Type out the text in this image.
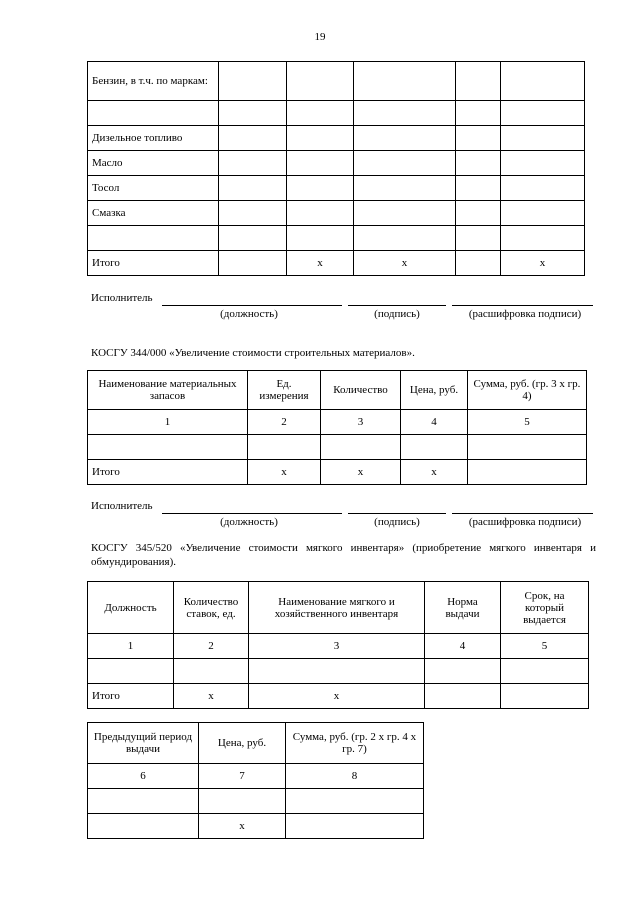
19
Бензин, в т.ч. по маркам:						

Дизельное топливо						
Масло						
Тосол						
Смазка						

Итого		х	х		х	
Исполнитель
(должность)	(подпись)	(расшифровка подписи)
КОСГУ 344/000 «Увеличение стоимости строительных материалов».
Наименование материальных запасов	Ед. измерения	Количество	Цена, руб.	Сумма, руб. (гр. 3 х гр. 4)
1	2	3	4	5

Итого	х	х	х	
Исполнитель
(должность)	(подпись)	(расшифровка подписи)
КОСГУ 345/520 «Увеличение стоимости мягкого инвентаря» (приобретение мягкого инвентаря и обмундирования).
Должность	Количество ставок, ед.	Наименование мягкого и хозяйственного инвентаря	Норма выдачи	Срок, на который выдается
1	2	3	4	5

Итого	х	х		
Предыдущий период выдачи	Цена, руб.	Сумма, руб. (гр. 2 х гр. 4 х гр. 7)
6	7	8

	х	
